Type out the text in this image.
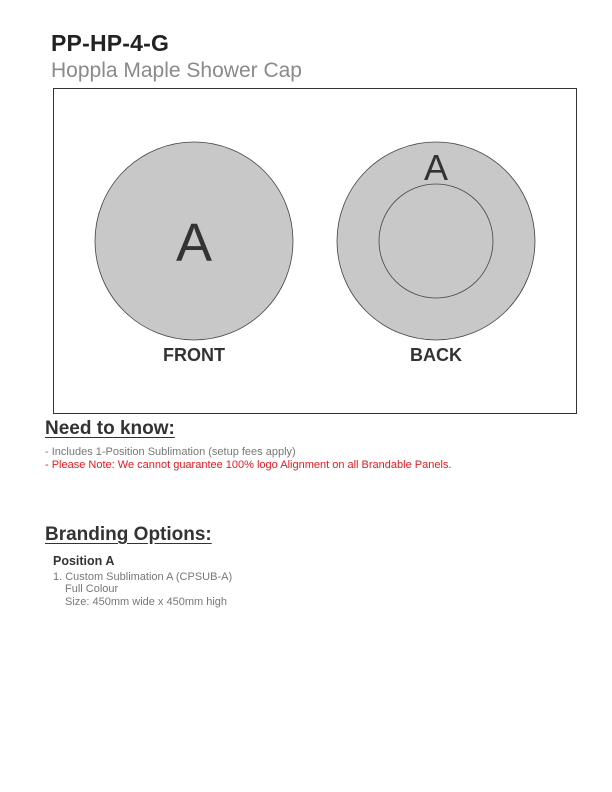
PP-HP-4-G
Hoppla Maple Shower Cap
A
FRONT
A
BACK
Need to know:
- Includes 1-Position Sublimation (setup fees apply)
- Please Note: We cannot guarantee 100% logo Alignment on all Brandable Panels.
Branding Options:
Position A
1. Custom Sublimation A (CPSUB-A)
Full Colour
Size: 450mm wide x 450mm high
